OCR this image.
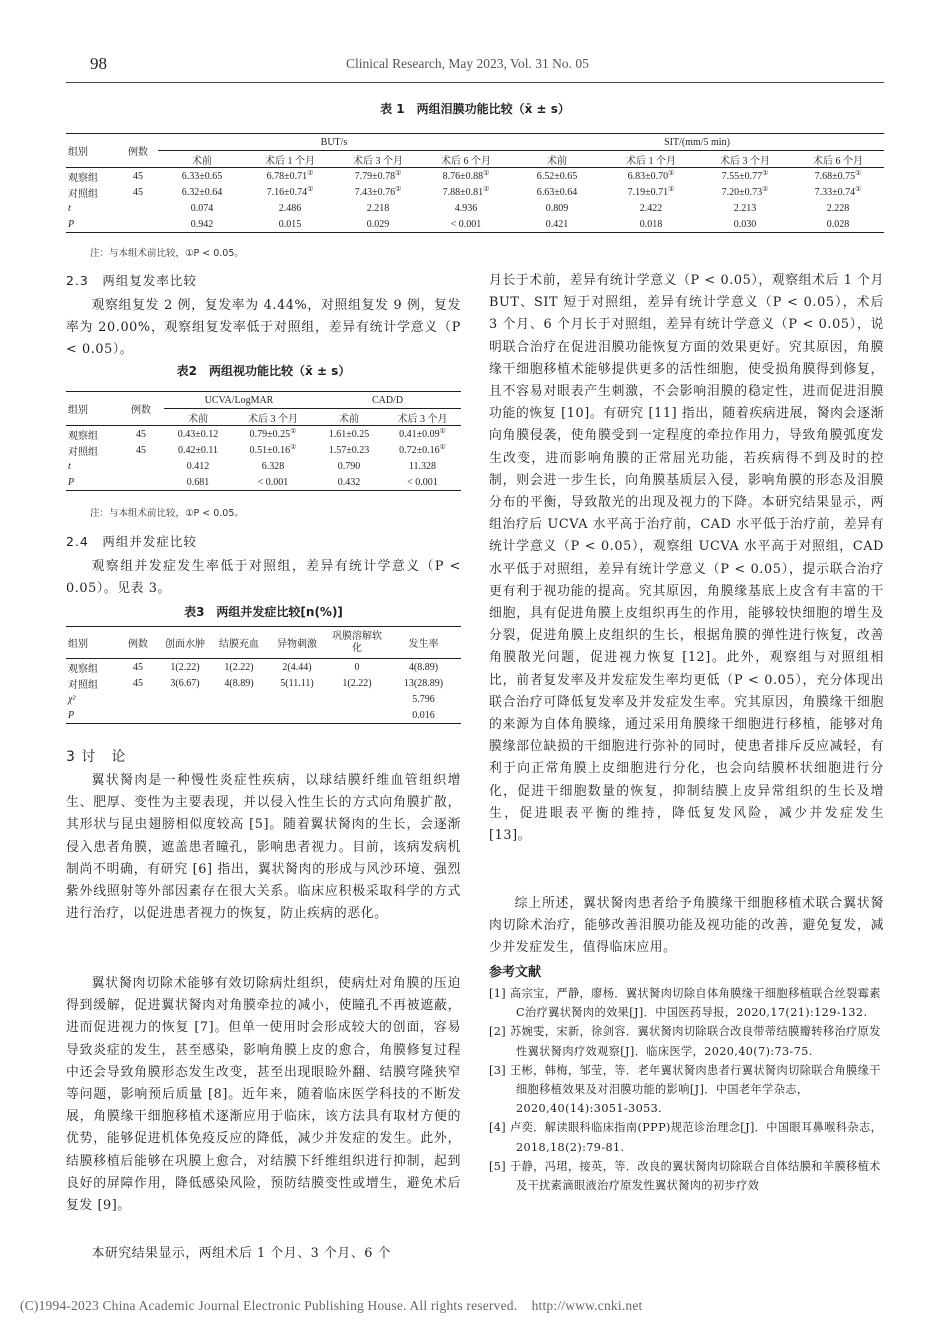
98	Clinical Research, May 2023, Vol. 31 No. 05
表 1　两组泪膜功能比较（x̄ ± s）
组别	例数	BUT/s				SIT/(mm/5 min)			
		术前	术后 1 个月	术后 3 个月	术后 6 个月	术前	术后 1 个月	术后 3 个月	术后 6 个月
观察组	45	6.33±0.65	6.78±0.71①	7.79±0.78①	8.76±0.88①	6.52±0.65	6.83±0.70①	7.55±0.77①	7.68±0.75①
对照组	45	6.32±0.64	7.16±0.74①	7.43±0.76①	7.88±0.81①	6.63±0.64	7.19±0.71①	7.20±0.73①	7.33±0.74①
t		0.074	2.486	2.218	4.936	0.809	2.422	2.213	2.228
P		0.942	0.015	0.029	< 0.001	0.421	0.018	0.030	0.028
注：与本组术前比较，①P < 0.05。
2.3　两组复发率比较
观察组复发 2 例，复发率为 4.44%，对照组复发 9 例，复发率为 20.00%，观察组复发率低于对照组，差异有统计学意义（P < 0.05）。
表2　两组视功能比较（x̄ ± s）
组别	例数	UCVA/LogMAR		CAD/D	
		术前	术后 3 个月	术前	术后 3 个月
观察组	45	0.43±0.12	0.79±0.25①	1.61±0.25	0.41±0.09①
对照组	45	0.42±0.11	0.51±0.16①	1.57±0.23	0.72±0.16①
t		0.412	6.328	0.790	11.328
P		0.681	< 0.001	0.432	< 0.001
注：与本组术前比较，①P < 0.05。
2.4　两组并发症比较
观察组并发症发生率低于对照组，差异有统计学意义（P < 0.05）。见表 3。
表3　两组并发症比较[n(%)]
组别	例数	创面水肿	结膜充血	异物刺激	巩膜溶解软化	发生率
观察组	45	1(2.22)	1(2.22)	2(4.44)	0	4(8.89)
对照组	45	3(6.67)	4(8.89)	5(11.11)	1(2.22)	13(28.89)
χ²						5.796
P						0.016
3 讨　论
翼状胬肉是一种慢性炎症性疾病，以球结膜纤维血管组织增生、肥厚、变性为主要表现，并以侵入性生长的方式向角膜扩散，其形状与昆虫翅膀相似度较高 [5]。随着翼状胬肉的生长，会逐渐侵入患者角膜，遮盖患者瞳孔，影响患者视力。目前，该病发病机制尚不明确，有研究 [6] 指出，翼状胬肉的形成与风沙环境、强烈紫外线照射等外部因素存在很大关系。临床应积极采取科学的方式进行治疗，以促进患者视力的恢复，防止疾病的恶化。
翼状胬肉切除术能够有效切除病灶组织，使病灶对角膜的压迫得到缓解，促进翼状胬肉对角膜牵拉的减小，使瞳孔不再被遮蔽，进而促进视力的恢复 [7]。但单一使用时会形成较大的创面，容易导致炎症的发生，甚至感染，影响角膜上皮的愈合，角膜修复过程中还会导致角膜形态发生改变，甚至出现眼睑外翻、结膜穹隆狭窄等问题，影响预后质量 [8]。近年来，随着临床医学科技的不断发展，角膜缘干细胞移植术逐渐应用于临床，该方法具有取材方便的优势，能够促进机体免疫反应的降低，减少并发症的发生。此外，结膜移植后能够在巩膜上愈合，对结膜下纤维组织进行抑制，起到良好的屏障作用，降低感染风险，预防结膜变性或增生，避免术后复发 [9]。
本研究结果显示，两组术后 1 个月、3 个月、6 个
月长于术前，差异有统计学意义（P < 0.05），观察组术后 1 个月 BUT、SIT 短于对照组，差异有统计学意义（P < 0.05），术后 3 个月、6 个月长于对照组，差异有统计学意义（P < 0.05），说明联合治疗在促进泪膜功能恢复方面的效果更好。究其原因，角膜缘干细胞移植术能够提供更多的活性细胞，使受损角膜得到修复，且不容易对眼表产生刺激，不会影响泪膜的稳定性，进而促进泪膜功能的恢复 [10]。有研究 [11] 指出，随着疾病进展，胬肉会逐渐向角膜侵袭，使角膜受到一定程度的牵拉作用力，导致角膜弧度发生改变，进而影响角膜的正常屈光功能，若疾病得不到及时的控制，则会进一步生长，向角膜基质层入侵，影响角膜的形态及泪膜分布的平衡，导致散光的出现及视力的下降。本研究结果显示，两组治疗后 UCVA 水平高于治疗前，CAD 水平低于治疗前，差异有统计学意义（P < 0.05），观察组 UCVA 水平高于对照组，CAD 水平低于对照组，差异有统计学意义（P < 0.05），提示联合治疗更有利于视功能的提高。究其原因，角膜缘基底上皮含有丰富的干细胞，具有促进角膜上皮组织再生的作用，能够较快细胞的增生及分裂，促进角膜上皮组织的生长，根据角膜的弹性进行恢复，改善角膜散光问题，促进视力恢复 [12]。此外，观察组与对照组相比，前者复发率及并发症发生率均更低（P < 0.05），充分体现出联合治疗可降低复发率及并发症发生率。究其原因，角膜缘干细胞的来源为自体角膜缘，通过采用角膜缘干细胞进行移植，能够对角膜缘部位缺损的干细胞进行弥补的同时，使患者排斥反应减轻，有利于向正常角膜上皮细胞进行分化，也会向结膜杯状细胞进行分化，促进干细胞数量的恢复，抑制结膜上皮异常组织的生长及增生，促进眼表平衡的维持，降低复发风险，减少并发症发生 [13]。
综上所述，翼状胬肉患者给予角膜缘干细胞移植术联合翼状胬肉切除术治疗，能够改善泪膜功能及视功能的改善，避免复发，减少并发症发生，值得临床应用。
参考文献
[1] 高宗宝，严静，廖杨．翼状胬肉切除自体角膜缘干细胞移植联合丝裂霉素C治疗翼状胬肉的效果[J]．中国医药导报，2020,17(21):129-132.
[2] 苏婉雯，宋新，徐剑容．翼状胬肉切除联合改良带蒂结膜瓣转移治疗原发性翼状胬肉疗效观察[J]．临床医学，2020,40(7):73-75.
[3] 王彬，韩梅，邹莹，等．老年翼状胬肉患者行翼状胬肉切除联合角膜缘干细胞移植效果及对泪膜功能的影响[J]．中国老年学杂志，2020,40(14):3051-3053.
[4] 卢奕．解读眼科临床指南(PPP)规范诊治理念[J]．中国眼耳鼻喉科杂志，2018,18(2):79-81.
[5] 于静，冯珺，接英，等．改良的翼状胬肉切除联合自体结膜和羊膜移植术及干扰素滴眼液治疗原发性翼状胬肉的初步疗效
(C)1994-2023 China Academic Journal Electronic Publishing House. All rights reserved.    http://www.cnki.net
